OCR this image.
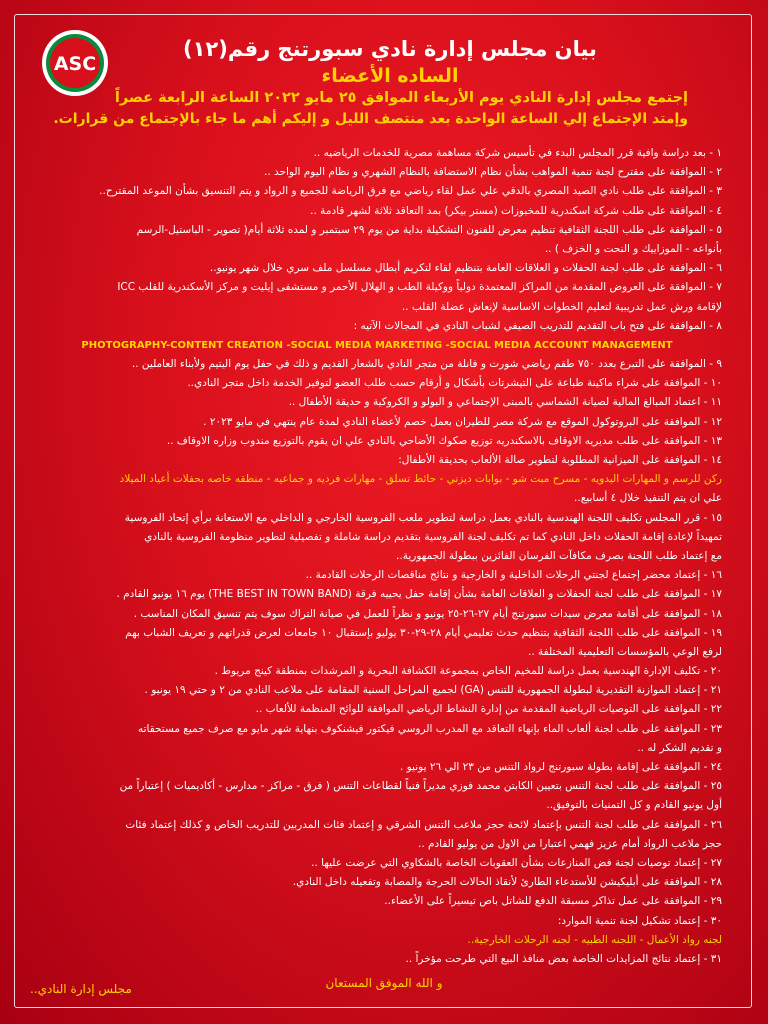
ASC
بيان مجلس إدارة نادي سبورتنج رقم(١٢)
الساده الأعضاء
إجتمع مجلس إدارة النادي يوم الأربعاء الموافق ٢٥ مايو ٢٠٢٢ الساعة الرابعة عصراً
وإمتد الإجتماع إلي الساعة الواحدة بعد منتصف الليل و إليكم أهم ما جاء بالإجتماع من قرارات.
١ - بعد دراسة وافية قرر المجلس البدء في تأسيس شركة مساهمة مصرية للخدمات الرياضيه ..
٢ - الموافقة على مقترح لجنة تنمية المواهب بشأن نظام الاستضافة بالنظام الشهري و نظام اليوم الواحد ..
٣ - الموافقة على طلب نادي الصيد المصري بالدقي علي عمل لقاء رياضي مع فرق الرياضة للجميع و الرواد و يتم التنسيق بشأن الموعد المقترح..
٤ - الموافقة على طلب شركة اسكندرية للمخبوزات (مستر بيكر) بمد التعاقد ثلاثة لشهر قادمة ..
٥ - الموافقة على طلب اللجنة الثقافية تنظيم معرض للفنون التشكيلة بداية من يوم ٢٩ سبتمبر و لمده ثلاثة أيام( تصوير - الباستيل-الرسم
بأنواعه - الموزاييك و النحت و الخزف ) ..
٦ - الموافقة على طلب لجنة الحفلات و العلاقات العامة بتنظيم لقاء لتكريم أبطال مسلسل ملف سري خلال شهر يونيو..
٧ - الموافقة على العروض المقدمة من المراكز المعتمدة دولياً ووكيلة الطب و الهلال الأحمر و مستشفى إيليت و مركز الأسكندرية للقلب ICC
لإقامة ورش عمل تدريبية لتعليم الخطوات الاساسية لإنعاش عضلة القلب ..
٨ - الموافقة على فتح باب التقديم للتدريب الصيفي لشباب النادي في المجالات الآتيه :
PHOTOGRAPHY-CONTENT CREATION -SOCIAL MEDIA MARKETING -SOCIAL MEDIA ACCOUNT MANAGEMENT
٩ - الموافقة على التبرع بعدد ٧٥٠ طقم رياضي شورت و فانلة من متجر النادي بالشعار القديم و ذلك في حفل يوم اليتيم ولأبناء العاملين ..
١٠ - الموافقة على شراء ماكينة طباعة على التيشرتات بأشكال و أرقام حسب طلب العضو لتوفير الخدمة داخل متجر النادي..
١١ - اعتماد المبالغ المالية لصيانة الشماسي بالمبنى الإجتماعي و البولو و الكروكية و حديقة الأطفال ..
١٢ - الموافقة على البروتوكول الموقع مع شركة مصر للطيران بعمل خصم لأعضاء النادي لمدة عام ينتهي في مايو ٢٠٢٣ .
١٣ - الموافقة على طلب مديريه الاوقاف بالاسكندريه توزيع صكوك الأضاحي بالنادي علي ان يقوم بالتوزيع مندوب وزاره الاوقاف ..
١٤ - الموافقة على الميزانية المطلوبة لتطوير صالة الألعاب بحديقة الأطفال:
ركن للرسم و المهارات اليدويه - مسرح مبت شو - بوابات ديزني - حائط تسلق - مهارات فرديه و جماعيه - منطقه خاصه بحفلات أعياد الميلاد
علي ان يتم التنفيذ خلال ٤ أسابيع..
١٥ - قرر المجلس تكليف اللجنة الهندسية بالنادي بعمل دراسة لتطوير ملعب الفروسية الخارجي و الداخلي مع الاستعانة برأي إتحاد الفروسية
تمهيداً لإعادة إقامة الحفلات داخل النادي كما تم تكليف لجنة الفروسية بتقديم دراسة شاملة و تفصيلية لتطوير منظومة الفروسية بالنادي
مع إعتماد طلب اللجنة بصرف مكافآت الفرسان الفائزين ببطولة الجمهورية..
١٦ - إعتماد محضر إجتماع لجنتي الرحلات الداخلية و الخارجية و نتائج مناقصات الرحلات القادمة ..
١٧ - الموافقة على طلب لجنة الحفلات و العلاقات العامة بشأن إقامة حفل يحييه فرقة (THE BEST IN TOWN BAND) يوم ١٦ يونيو القادم .
١٨ - الموافقة على أقامة معرض سيدات سبورتنج أيام ٢٧-٢٦-٢٥ يونيو و نظراً للعمل في صيانة التراك سوف يتم تنسيق المكان المناسب .
١٩ - الموافقة على طلب اللجنة الثقافية بتنظيم حدث تعليمي أيام ٢٨-٢٩-٣٠ يوليو بإستقبال ١٠ جامعات لعرض قدراتهم و تعريف الشباب بهم
لرفع الوعي بالمؤسسات التعليمية المختلفة ..
٢٠ - تكليف الإدارة الهندسية بعمل دراسة للمخيم الخاص بمجموعة الكشافة البحرية و المرشدات بمنطقة كينج مريوط .
٢١ - إعتماد الموازنة التقديرية لبطولة الجمهورية للتنس (GA) لجميع المراحل السنية المقامة على ملاعب النادي من ٢ و حتي ١٩ يونيو .
٢٢ - الموافقة على التوصيات الرياضية المقدمة من إدارة النشاط الرياضي الموافقة للوائح المنظمة للألعاب ..
٢٣ - الموافقة على طلب لجنة ألعاب الماء بإنهاء التعاقد مع المدرب الروسي فيكتور فيشنكوف بنهاية شهر مايو مع صرف جميع مستحقاته
و تقديم الشكر له ..
٢٤ - الموافقة على إقامة بطولة سبورتنج لرواد التنس من ٢٣ الي ٢٦ يونيو .
٢٥ - الموافقة على طلب لجنة التنس بتعيين الكابتن محمد فوزي مديراً فنياً لقطاعات التنس ( فرق - مراكز - مدارس - أكاديميات ) إعتباراً من
أول يونيو القادم و كل التمنيات بالتوفيق..
٢٦ - الموافقة على طلب لجنة التنس بإعتماد لائحة حجز ملاعب التنس الشرقي و إعتماد فئات المدربين للتدريب الخاص و كذلك إعتماد فئات
حجز ملاعب الرواد أمام عزيز فهمي اعتبارا من الاول من يوليو القادم ..
٢٧ - إعتماد توصيات لجنة فض المنازعات بشأن العقوبات الخاصة بالشكاوي التي عرضت عليها ..
٢٨ - الموافقة على أبليكيشن للأستدعاء الطارئ لأنقاذ الحالات الحرجة والمصابة وتفعيله داخل النادي.
٢٩ - الموافقة على عمل تذاكر مسبقة الدفع للشاتل باص تيسيراً على الأعضاء..
٣٠ - إعتماد تشكيل لجنة تنمية الموارد:
لجنه رواد الأعمال - اللجنه الطبيه - لجنه الرحلات الخارجية..
٣١ - إعتماد نتائج المزايدات الخاصة بعض منافذ البيع التي طرحت مؤخراً ..
و الله الموفق المستعان
مجلس إدارة النادي..
